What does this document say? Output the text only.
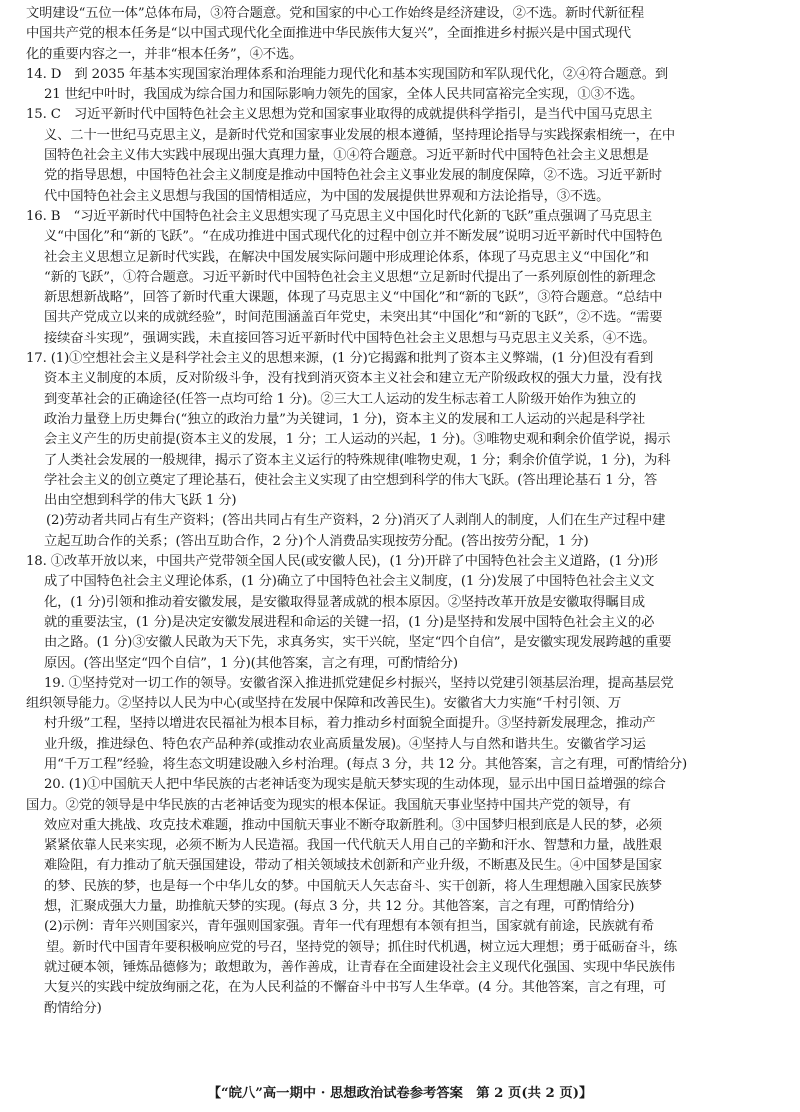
文明建设“五位一体”总体布局，③符合题意。党和国家的中心工作始终是经济建设，②不选。新时代新征程
中国共产党的根本任务是“以中国式现代化全面推进中华民族伟大复兴”，全面推进乡村振兴是中国式现代
化的重要内容之一，并非“根本任务”，④不选。
14. D　到 2035 年基本实现国家治理体系和治理能力现代化和基本实现国防和军队现代化，②④符合题意。到
21 世纪中叶时，我国成为综合国力和国际影响力领先的国家，全体人民共同富裕完全实现，①③不选。
15. C　习近平新时代中国特色社会主义思想为党和国家事业取得的成就提供科学指引，是当代中国马克思主
义、二十一世纪马克思主义，是新时代党和国家事业发展的根本遵循，坚持理论指导与实践探索相统一，在中
国特色社会主义伟大实践中展现出强大真理力量，①④符合题意。习近平新时代中国特色社会主义思想是
党的指导思想，中国特色社会主义制度是推动中国特色社会主义事业发展的制度保障，②不选。习近平新时
代中国特色社会主义思想与我国的国情相适应，为中国的发展提供世界观和方法论指导，③不选。
16. B　“习近平新时代中国特色社会主义思想实现了马克思主义中国化时代化新的飞跃”重点强调了马克思主
义“中国化”和“新的飞跃”。“在成功推进中国式现代化的过程中创立并不断发展”说明习近平新时代中国特色
社会主义思想立足新时代实践，在解决中国发展实际问题中形成理论体系，体现了马克思主义“中国化”和
“新的飞跃”，①符合题意。习近平新时代中国特色社会主义思想“立足新时代提出了一系列原创性的新理念
新思想新战略”，回答了新时代重大课题，体现了马克思主义“中国化”和“新的飞跃”，③符合题意。“总结中
国共产党成立以来的成就经验”，时间范围涵盖百年党史，未突出其“中国化”和“新的飞跃”，②不选。“需要
接续奋斗实现”，强调实践，未直接回答习近平新时代中国特色社会主义思想与马克思主义关系，④不选。
17. (1)①空想社会主义是科学社会主义的思想来源，(1 分)它揭露和批判了资本主义弊端，(1 分)但没有看到
资本主义制度的本质，反对阶级斗争，没有找到消灭资本主义社会和建立无产阶级政权的强大力量，没有找
到变革社会的正确途径(任答一点均可给 1 分)。②三大工人运动的发生标志着工人阶级开始作为独立的
政治力量登上历史舞台(“独立的政治力量”为关键词，1 分)，资本主义的发展和工人运动的兴起是科学社
会主义产生的历史前提(资本主义的发展，1 分；工人运动的兴起，1 分)。③唯物史观和剩余价值学说，揭示
了人类社会发展的一般规律，揭示了资本主义运行的特殊规律(唯物史观，1 分；剩余价值学说，1 分)，为科
学社会主义的创立奠定了理论基石，使社会主义实现了由空想到科学的伟大飞跃。(答出理论基石 1 分，答
出由空想到科学的伟大飞跃 1 分)
(2)劳动者共同占有生产资料；(答出共同占有生产资料，2 分)消灭了人剥削人的制度，人们在生产过程中建
立起互助合作的关系；(答出互助合作，2 分)个人消费品实现按劳分配。(答出按劳分配，1 分)
18. ①改革开放以来，中国共产党带领全国人民(或安徽人民)，(1 分)开辟了中国特色社会主义道路，(1 分)形
成了中国特色社会主义理论体系，(1 分)确立了中国特色社会主义制度，(1 分)发展了中国特色社会主义文
化，(1 分)引领和推动着安徽发展，是安徽取得显著成就的根本原因。②坚持改革开放是安徽取得瞩目成
就的重要法宝，(1 分)是决定安徽发展进程和命运的关键一招，(1 分)是坚持和发展中国特色社会主义的必
由之路。(1 分)③安徽人民敢为天下先，求真务实，实干兴皖，坚定“四个自信”，是安徽实现发展跨越的重要
原因。(答出坚定“四个自信”，1 分)(其他答案，言之有理，可酌情给分)
19. ①坚持党对一切工作的领导。安徽省深入推进抓党建促乡村振兴，坚持以党建引领基层治理，提高基层党
组织领导能力。②坚持以人民为中心(或坚持在发展中保障和改善民生)。安徽省大力实施“千村引领、万
村升级”工程，坚持以增进农民福祉为根本目标，着力推动乡村面貌全面提升。③坚持新发展理念，推动产
业升级，推进绿色、特色农产品种养(或推动农业高质量发展)。④坚持人与自然和谐共生。安徽省学习运
用“千万工程”经验，将生态文明建设融入乡村治理。(每点 3 分，共 12 分。其他答案，言之有理，可酌情给分)
20. (1)①中国航天人把中华民族的古老神话变为现实是航天梦实现的生动体现，显示出中国日益增强的综合
国力。②党的领导是中华民族的古老神话变为现实的根本保证。我国航天事业坚持中国共产党的领导，有
效应对重大挑战、攻克技术难题，推动中国航天事业不断夺取新胜利。③中国梦归根到底是人民的梦，必须
紧紧依靠人民来实现，必须不断为人民造福。我国一代代航天人用自己的辛勤和汗水、智慧和力量，战胜艰
难险阻，有力推动了航天强国建设，带动了相关领域技术创新和产业升级，不断惠及民生。④中国梦是国家
的梦、民族的梦，也是每一个中华儿女的梦。中国航天人矢志奋斗、实干创新，将人生理想融入国家民族梦
想，汇聚成强大力量，助推航天梦的实现。(每点 3 分，共 12 分。其他答案，言之有理，可酌情给分)
(2)示例：青年兴则国家兴，青年强则国家强。青年一代有理想有本领有担当，国家就有前途，民族就有希
望。新时代中国青年要积极响应党的号召，坚持党的领导；抓住时代机遇，树立远大理想；勇于砥砺奋斗，练
就过硬本领，锤炼品德修为；敢想敢为，善作善成，让青春在全面建设社会主义现代化强国、实现中华民族伟
大复兴的实践中绽放绚丽之花，在为人民利益的不懈奋斗中书写人生华章。(4 分。其他答案，言之有理，可
酌情给分)
【“皖八”高一期中 · 思想政治试卷参考答案　第 2 页(共 2 页)】
